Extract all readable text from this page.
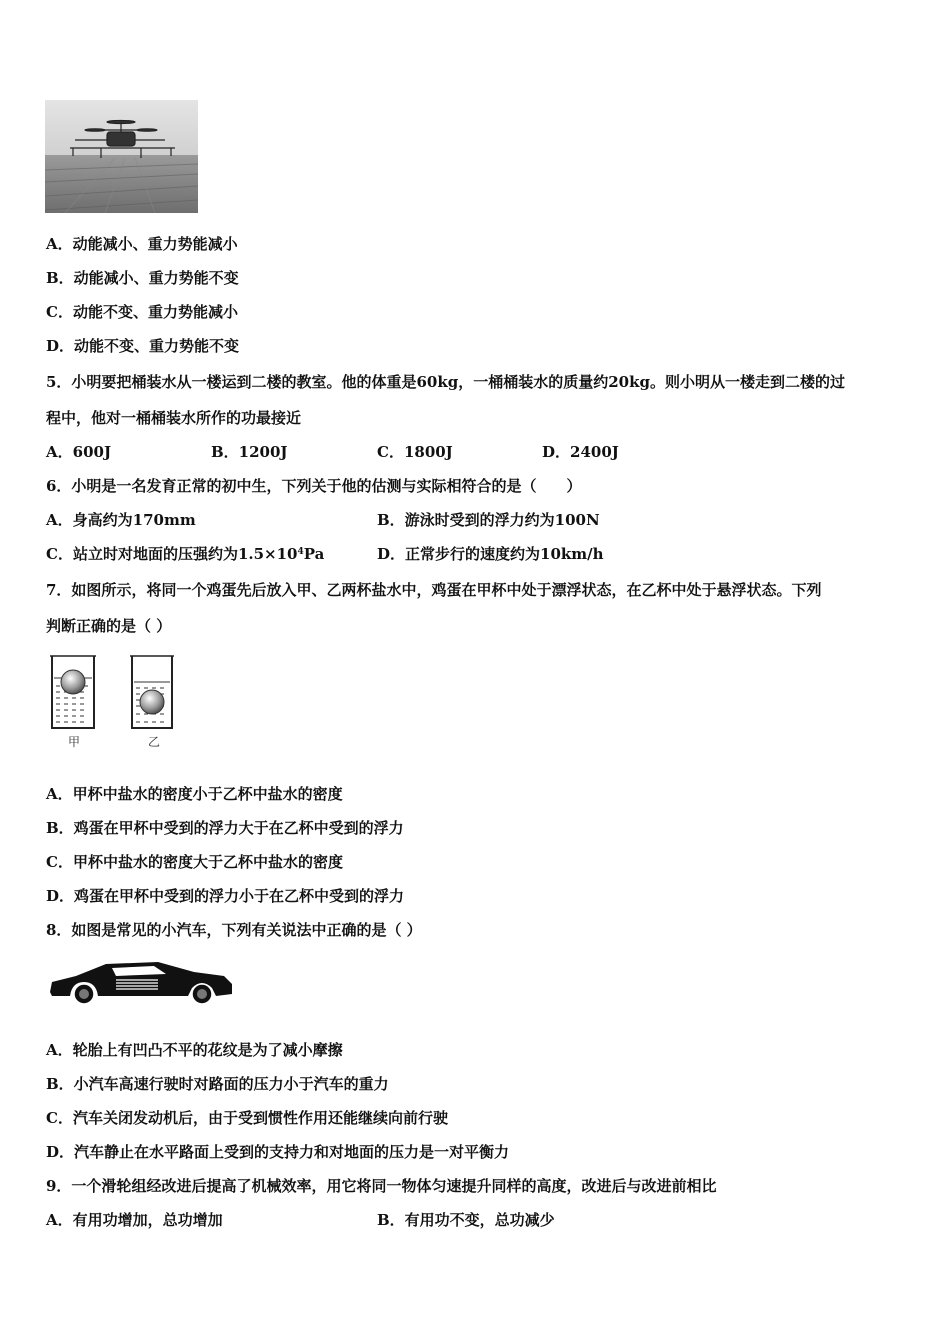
A．动能减小、重力势能减小
B．动能减小、重力势能不变
C．动能不变、重力势能减小
D．动能不变、重力势能不变
5．小明要把桶装水从一楼运到二楼的教室。他的体重是60kg，一桶桶装水的质量约20kg。则小明从一楼走到二楼的过
程中，他对一桶桶装水所作的功最接近
A．600J	B．1200J	C．1800J	D．2400J
6．小明是一名发育正常的初中生，下列关于他的估测与实际相符合的是（　　）
A．身高约为170mm	B．游泳时受到的浮力约为100N
C．站立时对地面的压强约为$1.5\times 10^4Pa$	D．正常步行的速度约为10km/h
7．如图所示，将同一个鸡蛋先后放入甲、乙两杯盐水中，鸡蛋在甲杯中处于漂浮状态，在乙杯中处于悬浮状态。下列
判断正确的是（ ）
甲	乙
A．甲杯中盐水的密度小于乙杯中盐水的密度
B．鸡蛋在甲杯中受到的浮力大于在乙杯中受到的浮力
C．甲杯中盐水的密度大于乙杯中盐水的密度
D．鸡蛋在甲杯中受到的浮力小于在乙杯中受到的浮力
8．如图是常见的小汽车，下列有关说法中正确的是（ ）
A．轮胎上有凹凸不平的花纹是为了减小摩擦
B．小汽车高速行驶时对路面的压力小于汽车的重力
C．汽车关闭发动机后，由于受到惯性作用还能继续向前行驶
D．汽车静止在水平路面上受到的支持力和对地面的压力是一对平衡力
9．一个滑轮组经改进后提高了机械效率，用它将同一物体匀速提升同样的高度，改进后与改进前相比
A．有用功增加，总功增加	B．有用功不变，总功减少
